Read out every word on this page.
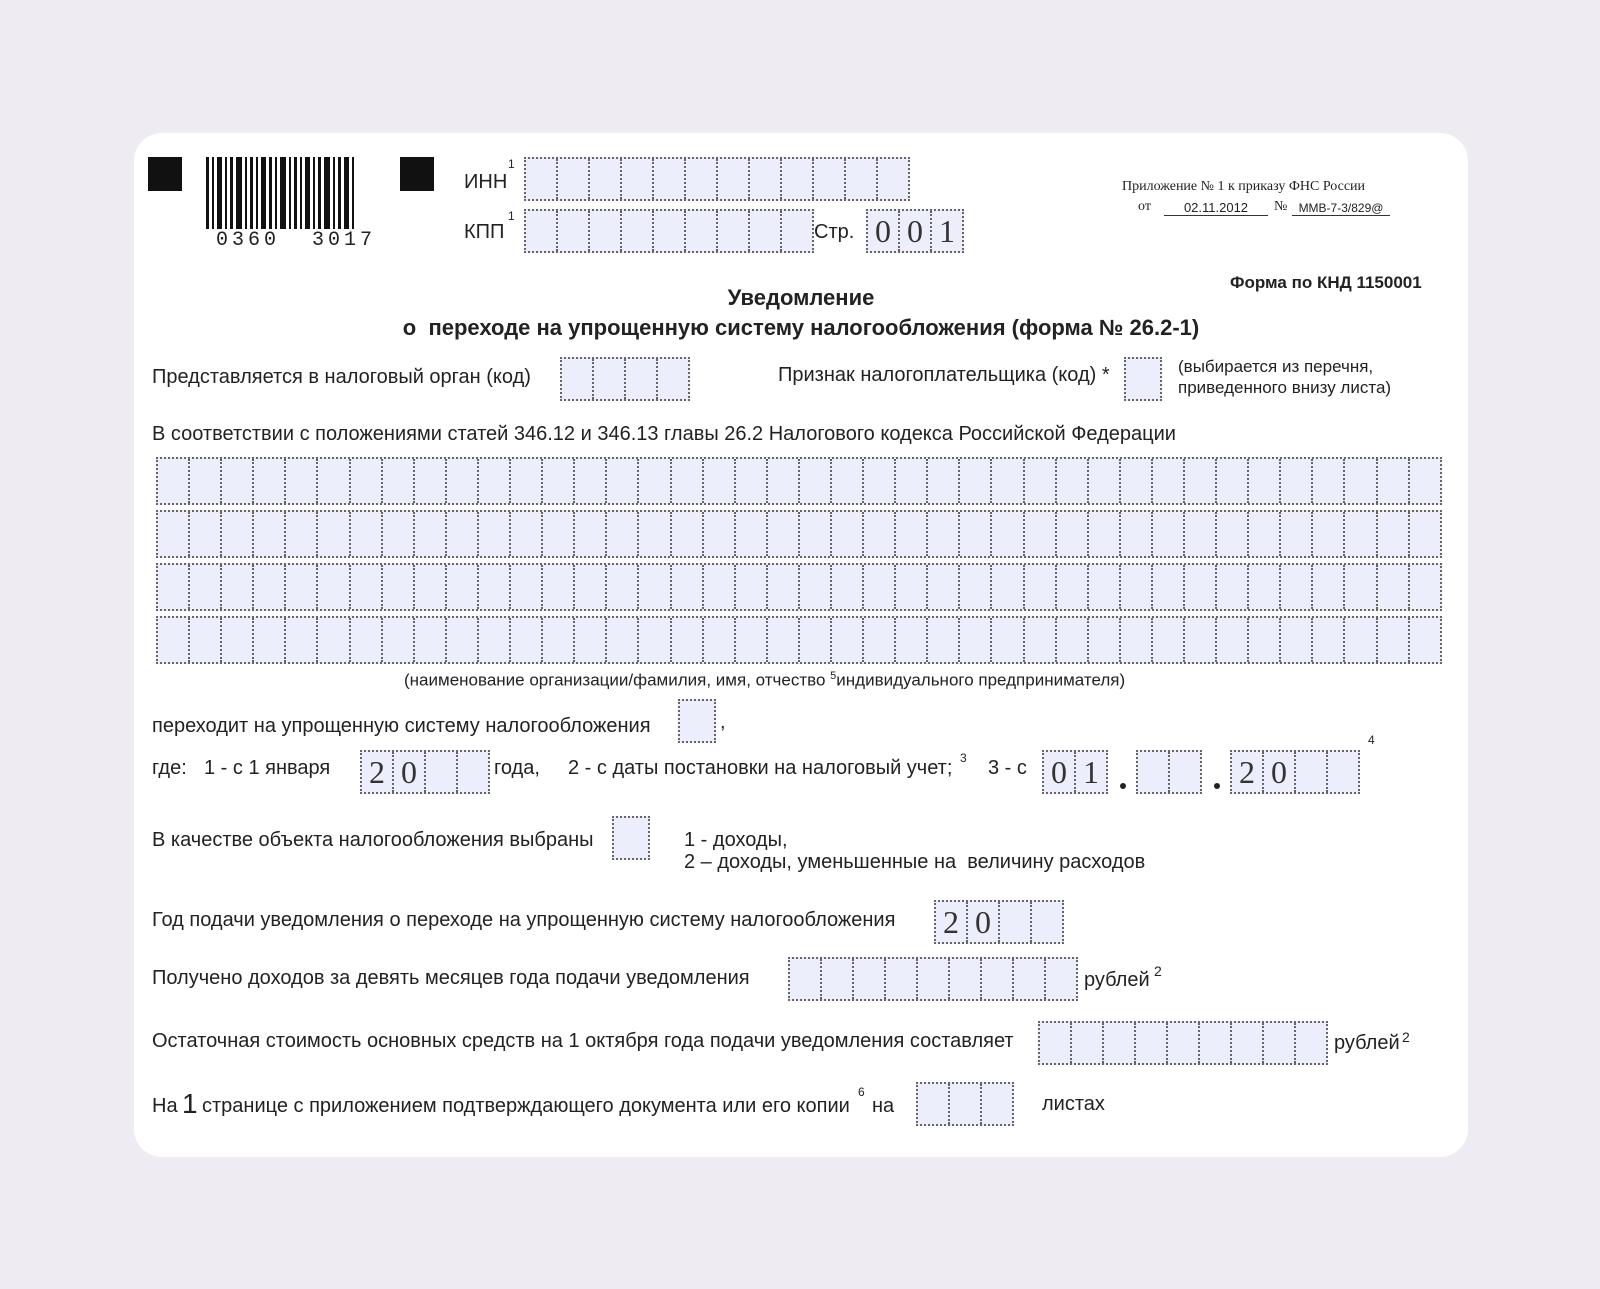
0360  3017
ИНН
1
КПП
1
Стр. 0 0 1
Приложение № 1 к приказу ФНС России
от	02.11.2012	№ ММВ-7-3/829@
Форма по КНД 1150001
Уведомление
о  переходе на упрощенную систему налогообложения (форма № 26.2-1)
Представляется в налоговый орган (код)	Признак налогоплательщика (код) *	(выбирается из перечня,
приведенного внизу листа)
В соответствии с положениями статей 346.12 и 346.13 главы 26.2 Налогового кодекса Российской Федерации
(наименование организации/фамилия, имя, отчество $^5$индивидуального предпринимателя)
переходит на упрощенную систему налогообложения	,
где: 1 - с 1 января 2 0	года, 2 - с даты постановки на налоговый учет; 3 3 - с 0 1	2 0
4
В качестве объекта налогообложения выбраны	1 - доходы,
2 – доходы, уменьшенные на  величину расходов
Год подачи уведомления о переходе на упрощенную систему налогообложения 2 0
Получено доходов за девять месяцев года подачи уведомления	рублей 2
Остаточная стоимость основных средств на 1 октября года подачи уведомления составляет	рублей 2
На 1 странице с приложением подтверждающего документа или его копии
6
на	листах
